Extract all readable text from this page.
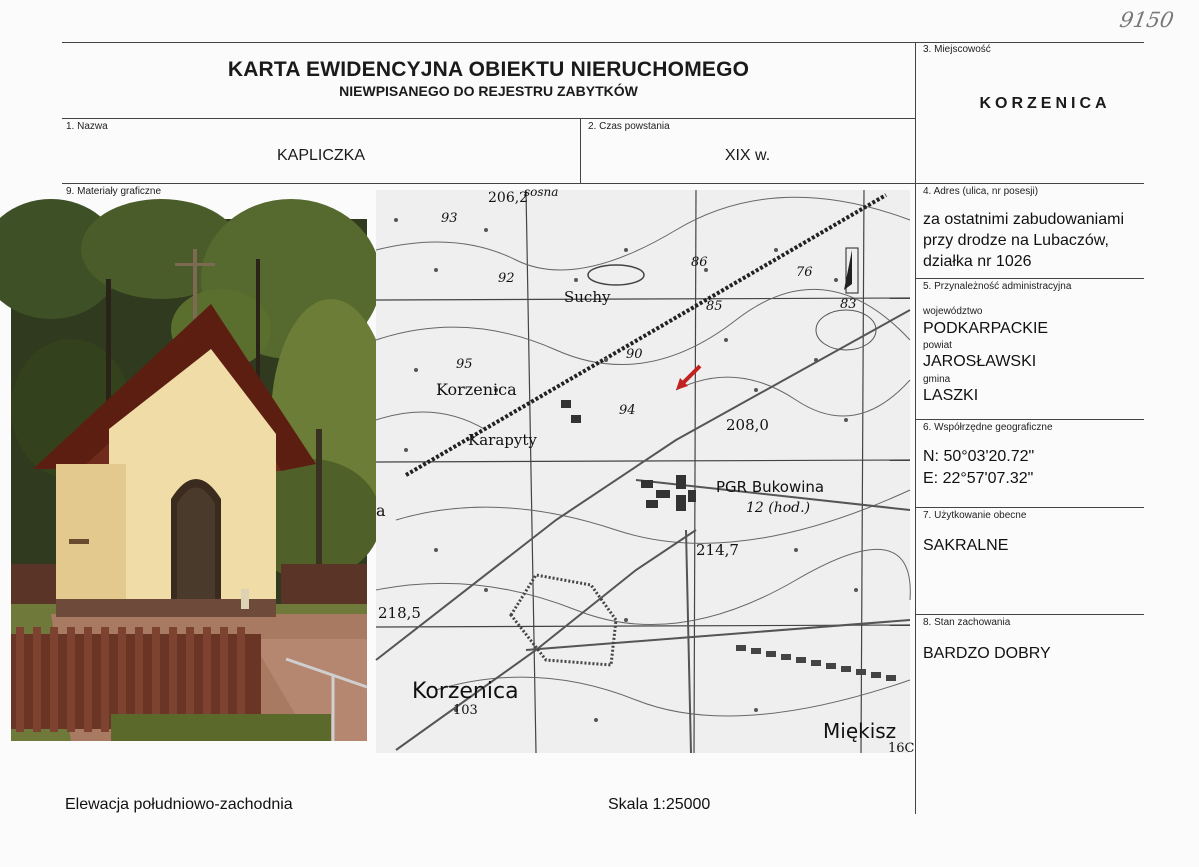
9150
KARTA EWIDENCYJNA OBIEKTU NIERUCHOMEGO
NIEWPISANEGO DO REJESTRU ZABYTKÓW
3. Miejscowość
KORZENICA
1. Nazwa
KAPLICZKA
2. Czas powstania
XIX w.
9. Materiały graficzne	4. Adres (ulica, nr posesji)
za ostatnimi zabudowaniami
przy drodze na Lubaczów,
działka nr 1026
5. Przynależność administracyjna
województwo
PODKARPACKIE
powiat
JAROSŁAWSKI
gmina
LASZKI
6. Współrzędne geograficzne
N: 50°03'20.72"
E: 22°57'07.32"
7. Użytkowanie obecne
SAKRALNE
8. Stan zachowania
BARDZO DOBRY
206,2
sosna
93
92
86
76
85	83
Suchy
95
90
Korzenica
94
208,0
Karapyty
PGR Bukowina
12 (hod.)
a
214,7
218,5
Korzenica
103
Miękisz
16C
Elewacja południowo-zachodnia	Skala 1:25000
